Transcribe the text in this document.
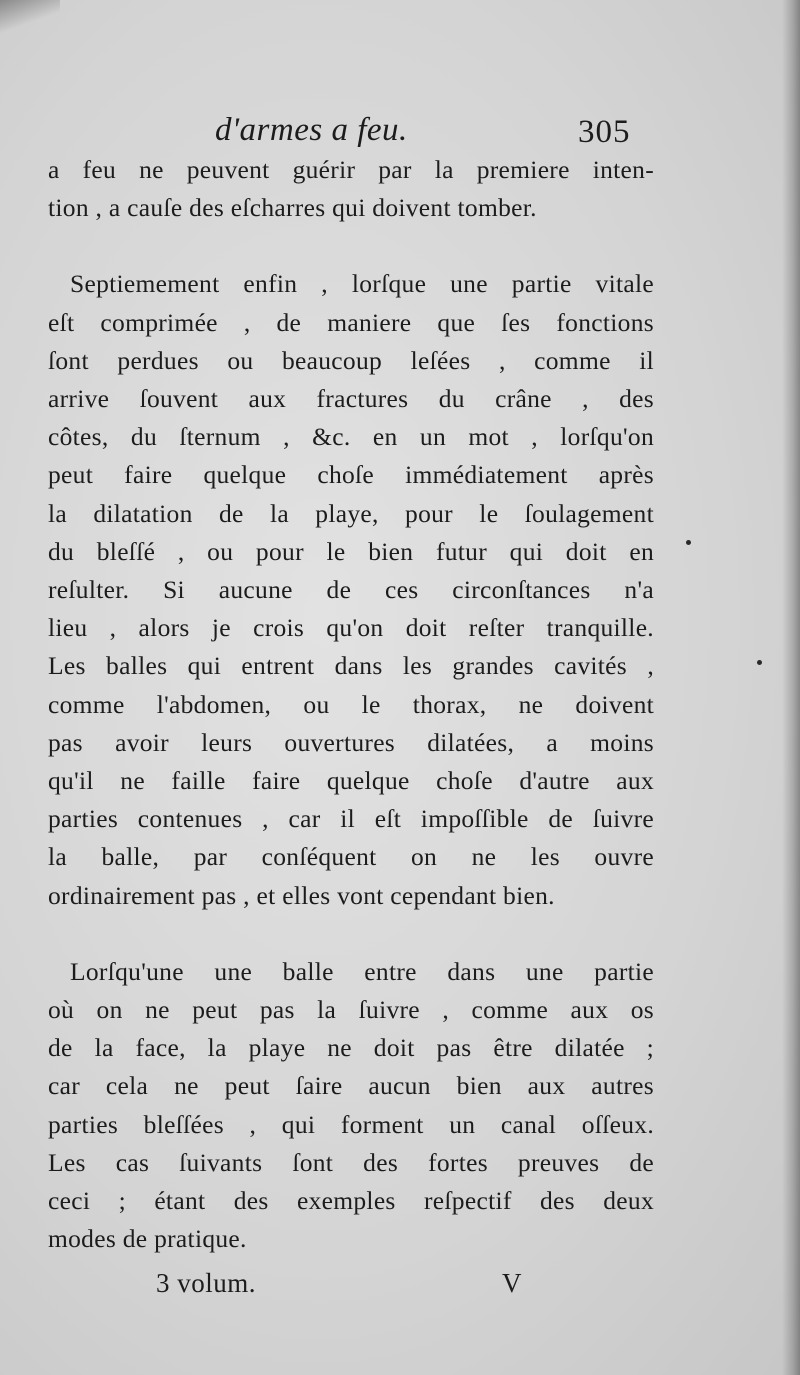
d'armes a feu.	305
a feu ne peuvent guérir par la premiere inten-
tion , a cauſe des eſcharres qui doivent tomber.
Septiemement enfin , lorſque une partie vitale
eſt comprimée , de maniere que ſes fonctions
ſont perdues ou beaucoup leſées , comme il
arrive ſouvent aux fractures du crâne , des
côtes, du ſternum , &c. en un mot , lorſqu'on
peut faire quelque choſe immédiatement après
la dilatation de la playe, pour le ſoulagement
du bleſſé , ou pour le bien futur qui doit en
reſulter. Si aucune de ces circonſtances n'a
lieu , alors je crois qu'on doit reſter tranquille.
Les balles qui entrent dans les grandes cavités ,
comme l'abdomen, ou le thorax, ne doivent
pas avoir leurs ouvertures dilatées, a moins
qu'il ne faille faire quelque choſe d'autre aux
parties contenues , car il eſt impoſſible de ſuivre
la balle, par conſéquent on ne les ouvre
ordinairement pas , et elles vont cependant bien.
Lorſqu'une une balle entre dans une partie
où on ne peut pas la ſuivre , comme aux os
de la face, la playe ne doit pas être dilatée ;
car cela ne peut ſaire aucun bien aux autres
parties bleſſées , qui forment un canal oſſeux.
Les cas ſuivants ſont des fortes preuves de
ceci ; étant des exemples reſpectif des deux
modes de pratique.
3 volum.	V
